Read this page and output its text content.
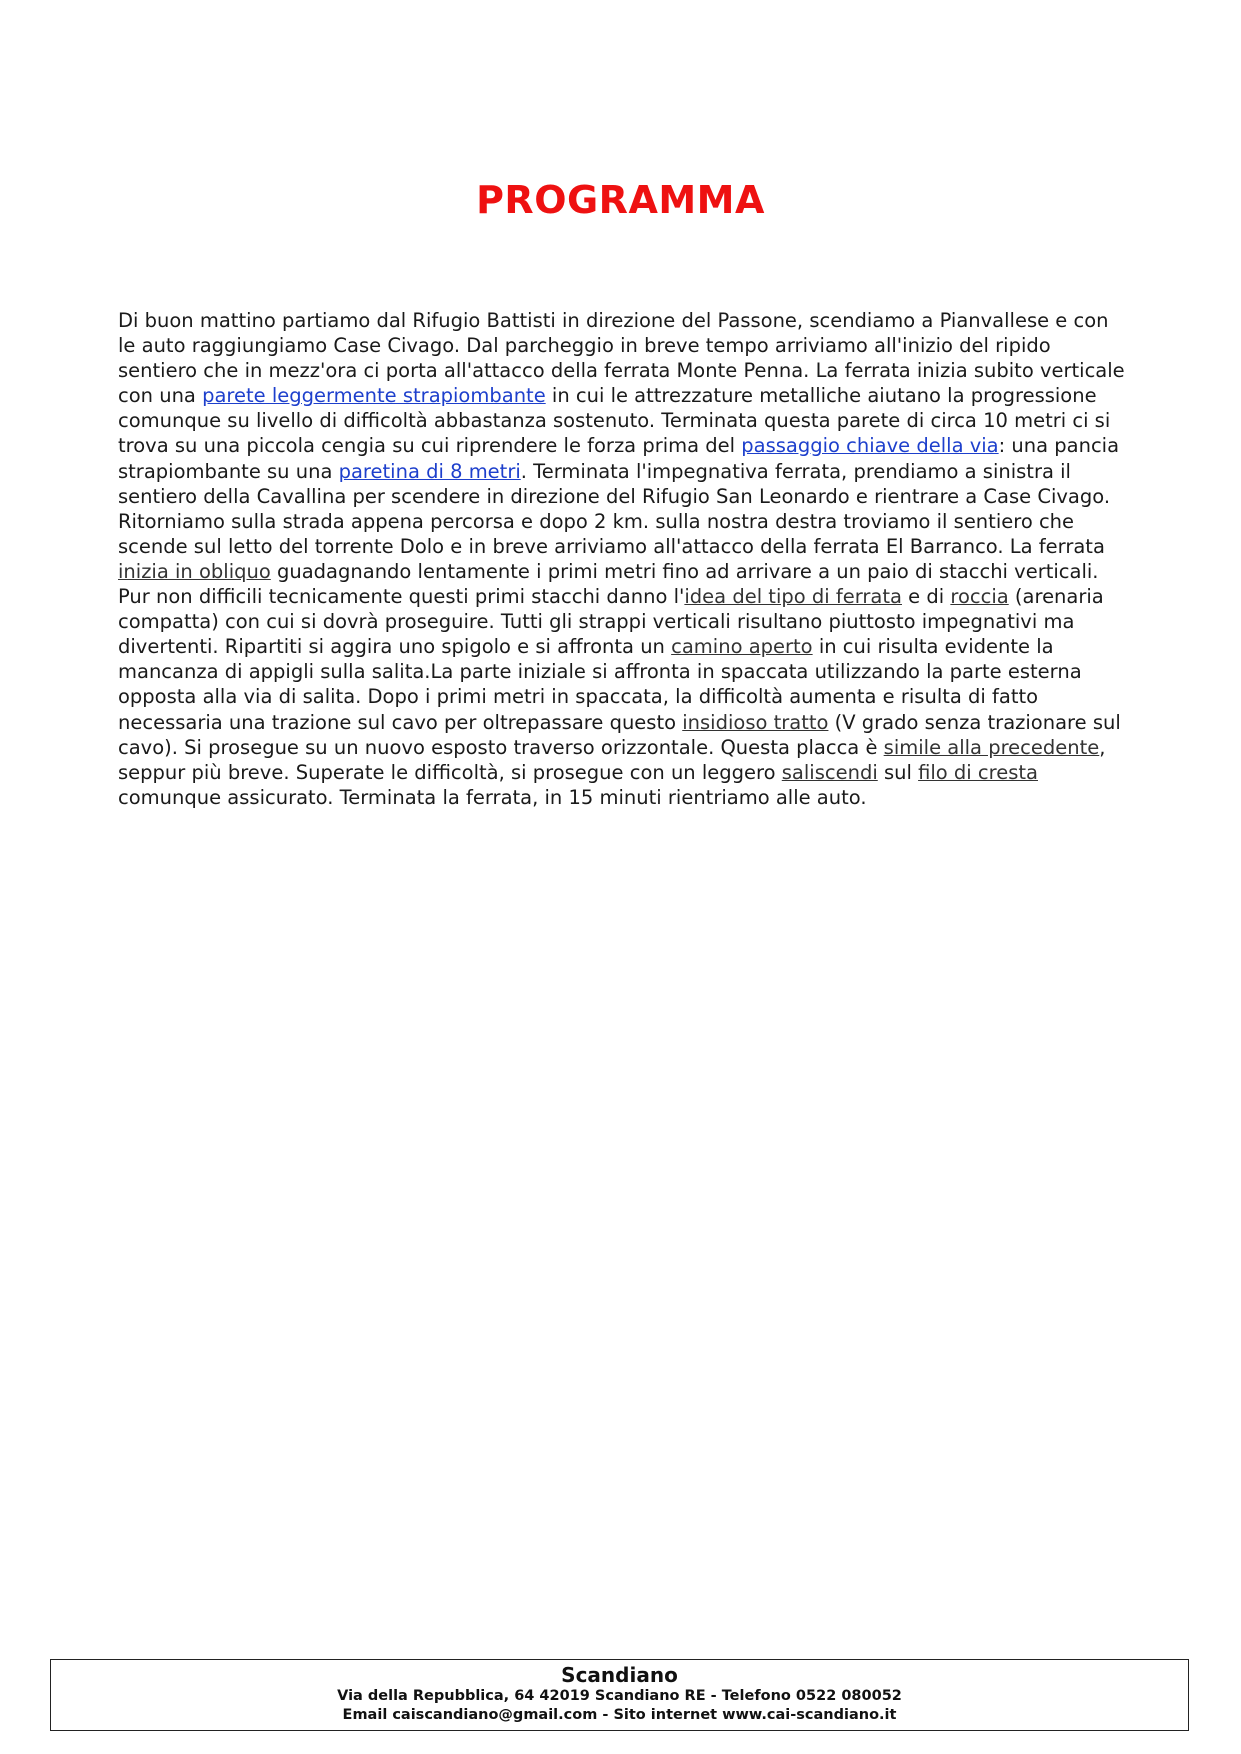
PROGRAMMA

Di buon mattino partiamo dal Rifugio Battisti in direzione del Passone, scendiamo a Pianvallese e con le auto raggiungiamo Case Civago. Dal parcheggio in breve tempo arriviamo all'inizio del ripido sentiero che in mezz'ora ci porta all'attacco della ferrata Monte Penna. La ferrata inizia subito verticale con una parete leggermente strapiombante in cui le attrezzature metalliche aiutano la progressione comunque su livello di difficoltà abbastanza sostenuto. Terminata questa parete di circa 10 metri ci si trova su una piccola cengia su cui riprendere le forza prima del passaggio chiave della via: una pancia strapiombante su una paretina di 8 metri. Terminata l'impegnativa ferrata, prendiamo a sinistra il sentiero della Cavallina per scendere in direzione del Rifugio San Leonardo e rientrare a Case Civago. Ritorniamo sulla strada appena percorsa e dopo 2 km. sulla nostra destra troviamo il sentiero che scende sul letto del torrente Dolo e in breve arriviamo all'attacco della ferrata El Barranco. La ferrata inizia in obliquo guadagnando lentamente i primi metri fino ad arrivare a un paio di stacchi verticali. Pur non difficili tecnicamente questi primi stacchi danno l'idea del tipo di ferrata e di roccia (arenaria compatta) con cui si dovrà proseguire. Tutti gli strappi verticali risultano piuttosto impegnativi ma divertenti. Ripartiti si aggira uno spigolo e si affronta un camino aperto in cui risulta evidente la mancanza di appigli sulla salita.La parte iniziale si affronta in spaccata utilizzando la parte esterna opposta alla via di salita. Dopo i primi metri in spaccata, la difficoltà aumenta e risulta di fatto necessaria una trazione sul cavo per oltrepassare questo insidioso tratto (V grado senza trazionare sul cavo). Si prosegue su un nuovo esposto traverso orizzontale. Questa placca è simile alla precedente, seppur più breve. Superate le difficoltà, si prosegue con un leggero saliscendi sul filo di cresta comunque assicurato. Terminata la ferrata, in 15 minuti rientriamo alle auto.

Scandiano
Via della Repubblica, 64 42019 Scandiano RE - Telefono 0522 080052
Email caiscandiano@gmail.com - Sito internet www.cai-scandiano.it
